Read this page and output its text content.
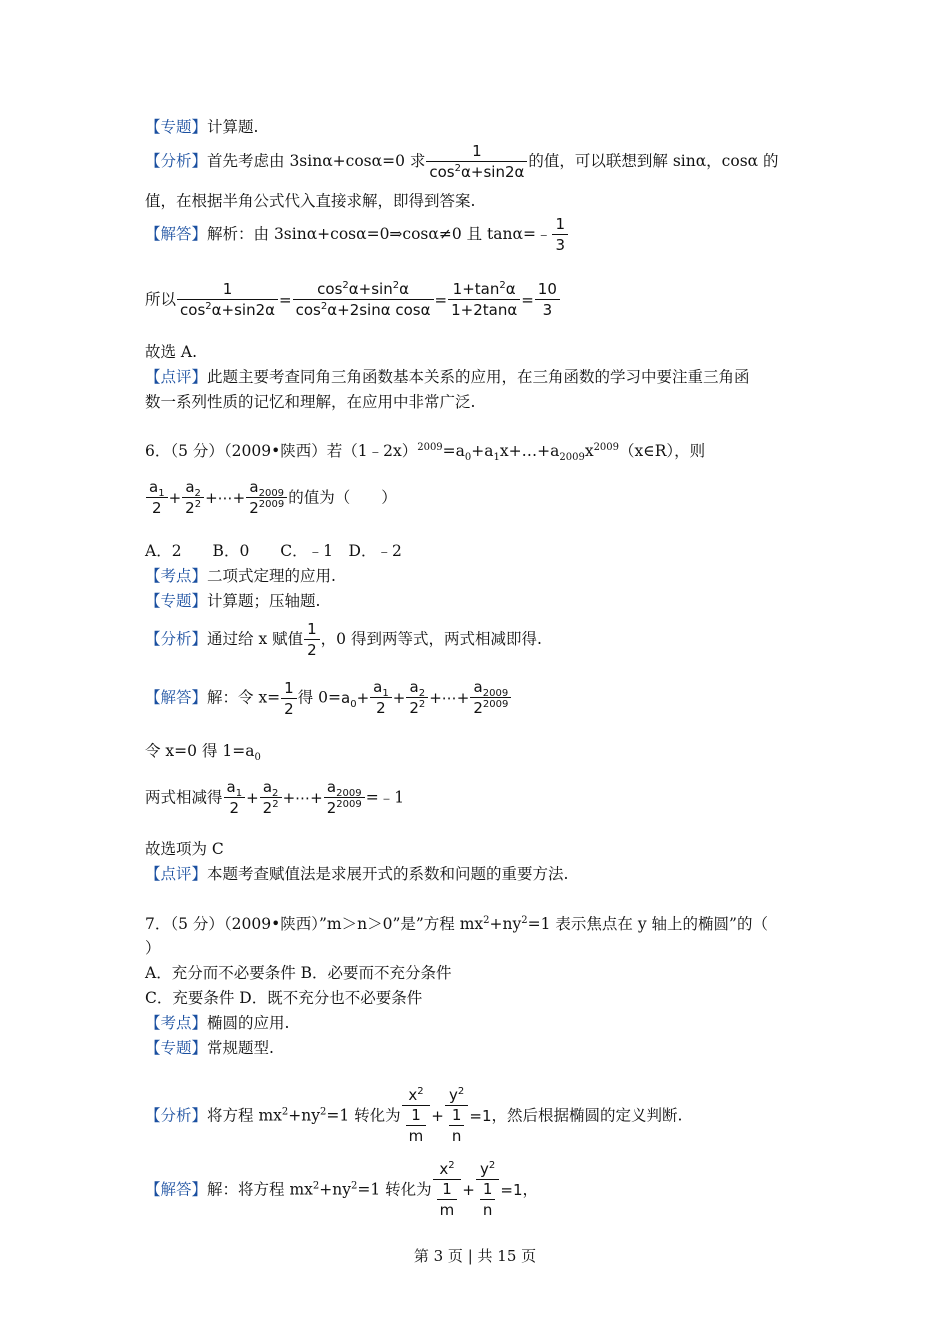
【专题】计算题.
【分析】首先考虑由 3sinα+cosα=0 求 $\frac{1}{\cos^2\alpha+\sin 2\alpha}$ 的值，可以联想到解 sinα，cosα 的
值，在根据半角公式代入直接求解，即得到答案.
【解答】解析：由 3sinα+cosα=0⇒cosα≠0 且 tanα=﹣ $\frac{1}{3}$
所以 $\frac{1}{\cos^2\alpha+\sin 2\alpha} = \frac{\cos^2\alpha+\sin^2\alpha}{\cos^2\alpha+2\sin\alpha \cos\alpha} = \frac{1+\tan^2\alpha}{1+2\tan\alpha} = \frac{10}{3}$
故选 A.
【点评】此题主要考查同角三角函数基本关系的应用，在三角函数的学习中要注重三角函
数一系列性质的记忆和理解，在应用中非常广泛.
6．（5 分）（2009•陕西）若$(1﹣2x)^{2009}=a_0+a_1x+\dots+a_{2009}x^{2009}(x\in R)$，则
$\frac{a_1}{2} + \frac{a_2}{2^2}$ +⋯+ $\frac{a_{2009}}{2^{2009}}$ 的值为（　　）
A．2　　B．0　　C．﹣1　D．﹣2
【考点】二项式定理的应用.
【专题】计算题；压轴题.
【分析】通过给 x 赋值 $\frac{1}{2}$ ，0 得到两等式，两式相减即得.
【解答】解：令 $x= \frac{1}{2}$ 得 $0=a_0+ \frac{a_1}{2} + \frac{a_2}{2^2}$ +⋯+ $\frac{a_{2009}}{2^{2009}}$
令 x=0 得 $1=a_0$
两式相减得 $\frac{a_1}{2} + \frac{a_2}{2^2}$ +⋯+ $\frac{a_{2009}}{2^{2009}}$ =﹣1
故选项为 C
【点评】本题考查赋值法是求展开式的系数和问题的重要方法.
7．（5 分）（2009•陕西）”m＞n＞0”是”方程 $mx^2+ny^2=1$ 表示焦点在 y 轴上的椭圆”的（
）
A．充分而不必要条件 B．必要而不充分条件
C．充要条件 D．既不充分也不必要条件
【考点】椭圆的应用.
【专题】常规题型.
【分析】将方程 $mx^2+ny^2=1$ 转化为 $\frac{x^2}{\frac{1}{m}} + \frac{y^2}{\frac{1}{n}} =1$，然后根据椭圆的定义判断.
【解答】解：将方程 $mx^2+ny^2=1$ 转化为 $\frac{x^2}{\frac{1}{m}} + \frac{y^2}{\frac{1}{n}} =1$，
第 3 页 | 共 15 页
